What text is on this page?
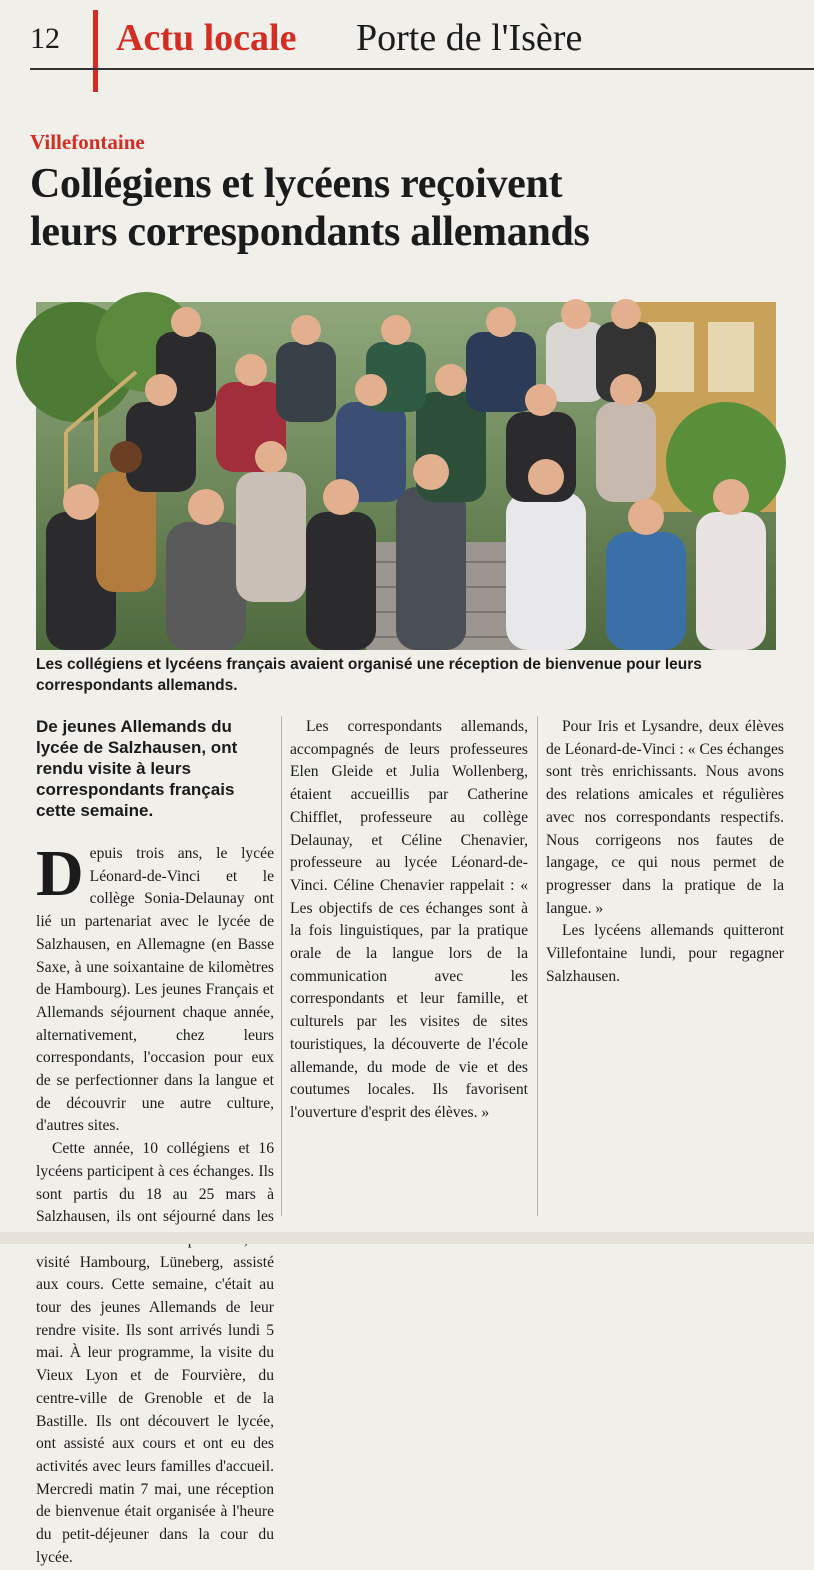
12 Actu locale Porte de l'Isère
Villefontaine
Collégiens et lycéens reçoivent
leurs correspondants allemands
Les collégiens et lycéens français avaient organisé une réception de bienvenue pour leurs correspondants allemands.

De jeunes Allemands du lycée de Salzhausen, ont rendu visite à leurs correspondants français cette semaine.

Depuis trois ans, le lycée Léonard-de-Vinci et le collège Sonia-Delaunay ont lié un partenariat avec le lycée de Salzhausen, en Allemagne (en Basse Saxe, à une soixantaine de kilomètres de Hambourg). Les jeunes Français et Allemands séjournent chaque année, alternativement, chez leurs correspondants, l'occasion pour eux de se perfectionner dans la langue et de découvrir une autre culture, d'autres sites.

Cette année, 10 collégiens et 16 lycéens participent à ces échanges. Ils sont partis du 18 au 25 mars à Salzhausen, ils ont séjourné dans les visité Hambourg, Lüneberg, assisté aux cours. Cette semaine, c'était au tour des jeunes Allemands de leur rendre visite. Ils sont arrivés lundi 5 mai. À leur programme, la visite du Vieux Lyon et de Fourvière, du centre-ville de Grenoble et de la Bastille. Ils ont découvert le lycée, ont assisté aux cours et ont eu des activités avec leurs familles d'accueil. Mercredi matin 7 mai, une réception de bienvenue était organisée à l'heure du petit-déjeuner dans la cour du lycée.

Les correspondants allemands, accompagnés de leurs professeures Elen Gleide et Julia Wollenberg, étaient accueillis par Catherine Chifflet, professeure au collège Delaunay, et Céline Chenavier, professeure au lycée Léonard-de-Vinci. Céline Chenavier rappelait : « Les objectifs de ces échanges sont à la fois linguistiques, par la pratique orale de la langue lors de la communication avec les correspondants et leur famille, et culturels par les visites de sites touristiques, la découverte de l'école allemande, du mode de vie et des coutumes locales. Ils favorisent l'ouverture d'esprit des élèves. »

Pour Iris et Lysandre, deux élèves de Léonard-de-Vinci : « Ces échanges sont très enrichissants. Nous avons des relations amicales et régulières avec nos correspondants respectifs. Nous corrigeons nos fautes de langage, ce qui nous permet de progresser dans la pratique de la langue. »

Les lycéens allemands quitteront Villefontaine lundi, pour regagner Salzhausen.
